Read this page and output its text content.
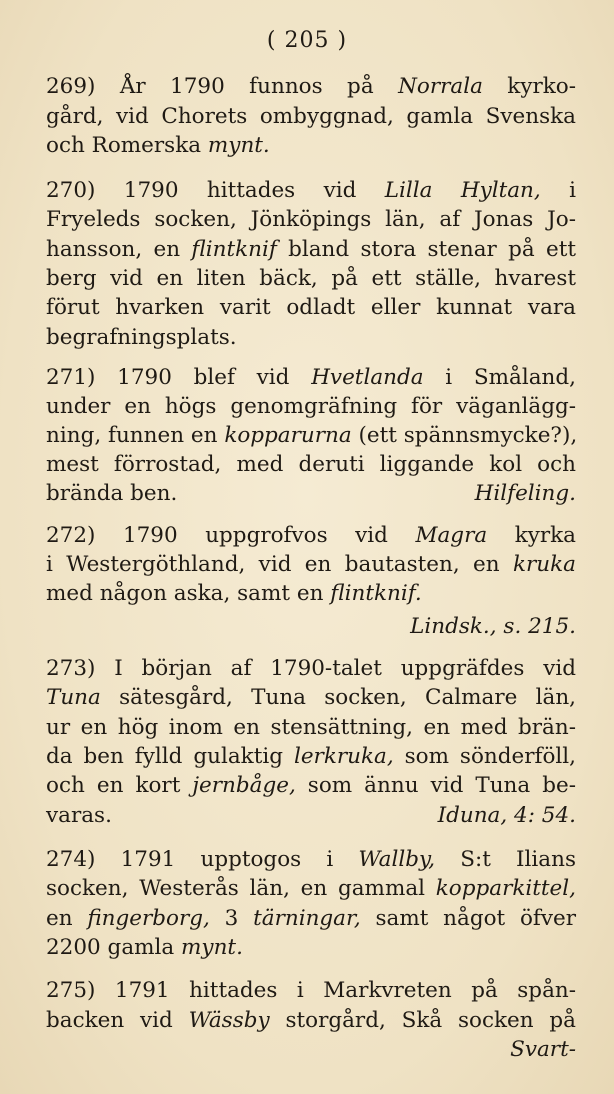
( 205 )
269) År 1790 funnos på Norrala kyrko-
gård, vid Chorets ombyggnad, gamla Svenska
och Romerska mynt.
270) 1790 hittades vid Lilla Hyltan, i
Fryeleds socken, Jönköpings län, af Jonas Jo-
hansson, en flintknif bland stora stenar på ett
berg vid en liten bäck, på ett ställe, hvarest
förut hvarken varit odladt eller kunnat vara
begrafningsplats.
271) 1790 blef vid Hvetlanda i Småland,
under en högs genomgräfning för väganlägg-
ning, funnen en kopparurna (ett spännsmycke?),
mest förrostad, med deruti liggande kol och
brända ben.	Hilfeling.
272) 1790 uppgrofvos vid Magra kyrka
i Westergöthland, vid en bautasten, en kruka
med någon aska, samt en flintknif.
Lindsk., s. 215.
273) I början af 1790-talet uppgräfdes vid
Tuna sätesgård, Tuna socken, Calmare län,
ur en hög inom en stensättning, en med brän-
da ben fylld gulaktig lerkruka, som sönderföll,
och en kort jernbåge, som ännu vid Tuna be-
varas.	Iduna, 4: 54.
274) 1791 upptogos i Wallby, S:t Ilians
socken, Westerås län, en gammal kopparkittel,
en fingerborg, 3 tärningar, samt något öfver
2200 gamla mynt.
275) 1791 hittades i Markvreten på spån-
backen vid Wässby storgård, Skå socken på
Svart-
